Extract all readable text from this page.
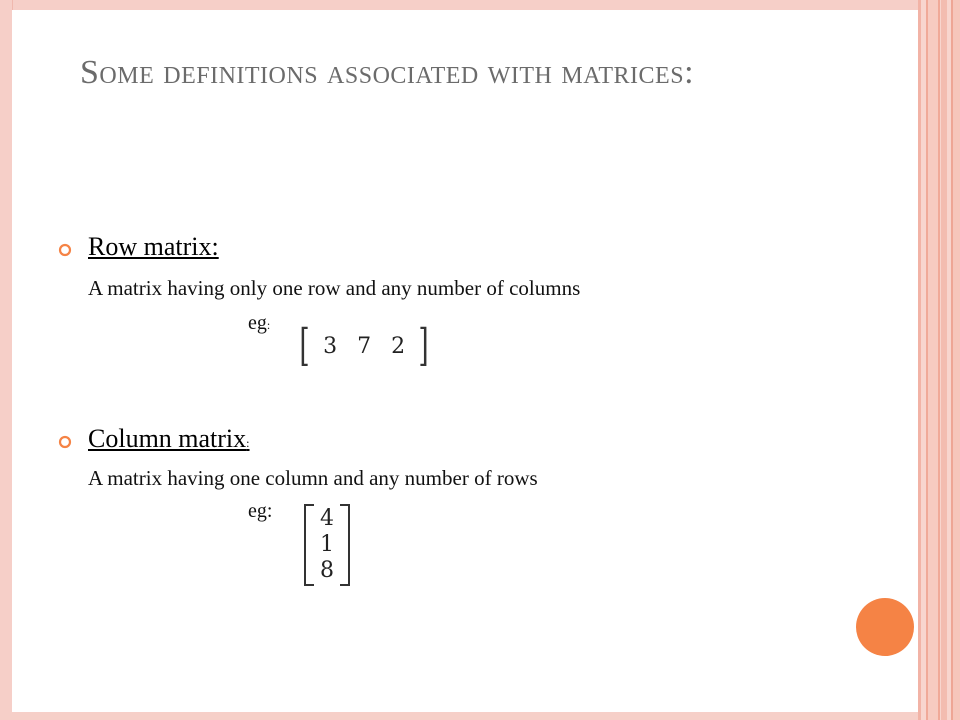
Some definitions associated with matrices:
Row matrix:
A matrix having only one row and any number of columns
eg: [ 3 7 2 ]
Column matrix:
A matrix having one column and any number of rows
eg: 4
1
8
